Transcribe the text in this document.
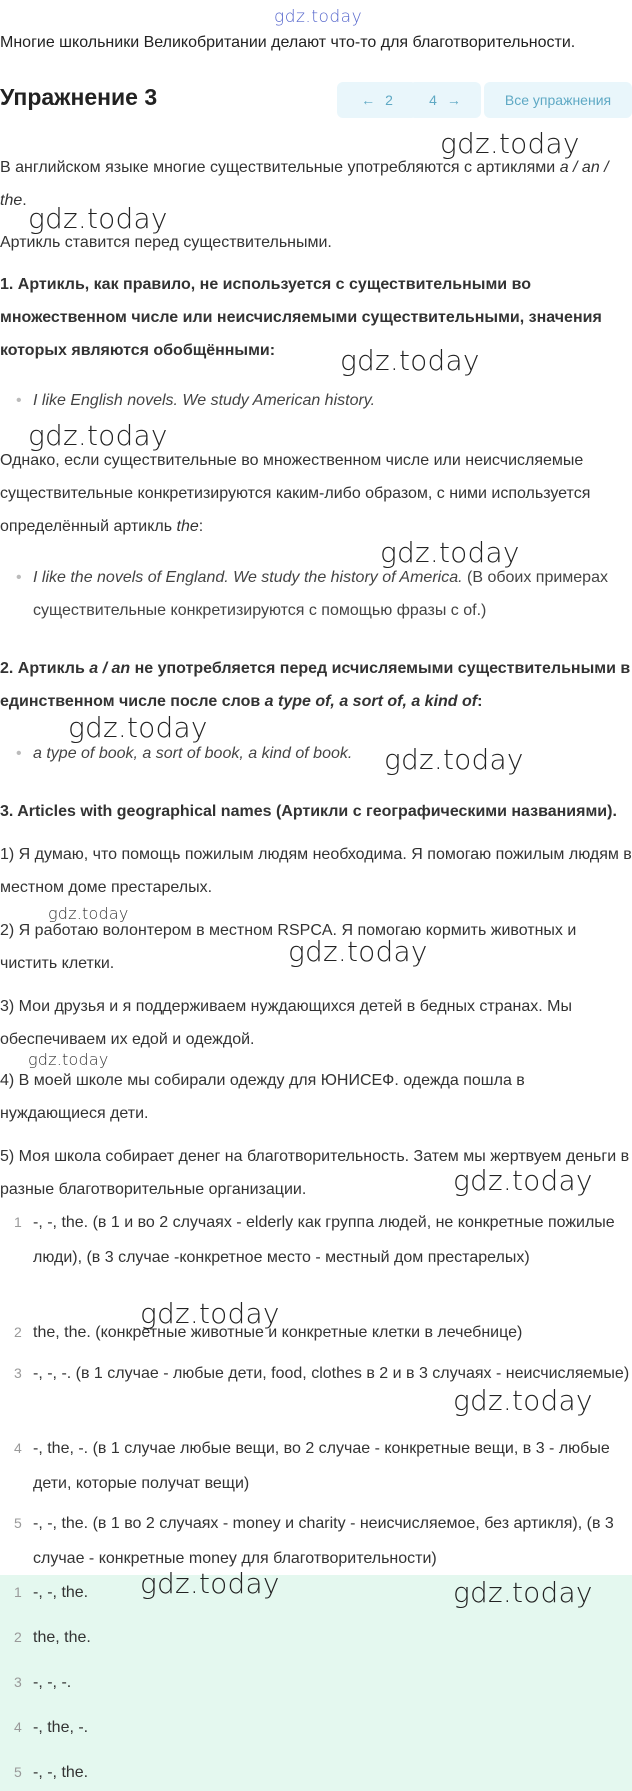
gdz.today
Многие школьники Великобритании делают что-то для благотворительности.
Упражнение 3	← 2	4 →	Все упражнения
В английском языке многие существительные употребляются с артиклями a / an / the.
Артикль ставится перед существительными.
1. Артикль, как правило, не используется с существительными во множественном числе или неисчисляемыми существительными, значения которых являются обобщёнными:
• I like English novels. We study American history.
Однако, если существительные во множественном числе или неисчисляемые существительные конкретизируются каким-либо образом, с ними используется определённый артикль the:
• I like the novels of England. We study the history of America. (В обоих примерах существительные конкретизируются с помощью фразы с of.)
2. Артикль a / an не употребляется перед исчисляемыми существительными в единственном числе после слов a type of, a sort of, a kind of:
• a type of book, a sort of book, a kind of book.
3. Articles with geographical names (Артикли с географическими названиями).
1) Я думаю, что помощь пожилым людям необходима. Я помогаю пожилым людям в местном доме престарелых.
2) Я работаю волонтером в местном RSPCA. Я помогаю кормить животных и чистить клетки.
3) Мои друзья и я поддерживаем нуждающихся детей в бедных странах. Мы обеспечиваем их едой и одеждой.
4) В моей школе мы собирали одежду для ЮНИСЕФ. одежда пошла в нуждающиеся дети.
5) Моя школа собирает денег на благотворительность. Затем мы жертвуем деньги в разные благотворительные организации.
1 -, -, the. (в 1 и во 2 случаях - elderly как группа людей, не конкретные пожилые люди), (в 3 случае -конкретное место - местный дом престарелых)
2 the, the. (конкретные животные и конкретные клетки в лечебнице)
3 -, -, -. (в 1 случае - любые дети, food, clothes в 2 и в 3 случаях - неисчисляемые)
4 -, the, -. (в 1 случае любые вещи, во 2 случае - конкретные вещи, в 3 - любые дети, которые получат вещи)
5 -, -, the. (в 1 во 2 случаях - money и charity - неисчисляемое, без артикля), (в 3 случае - конкретные money для благотворительности)
1 -, -, the.
2 the, the.
3 -, -, -.
4 -, the, -.
5 -, -, the.
gdz.today
gdz.today
gdz.today
gdz.today
gdz.today
gdz.today
gdz.today
gdz.today
gdz.today
gdz.today
gdz.today
gdz.today
gdz.today
gdz.today	gdz.today
